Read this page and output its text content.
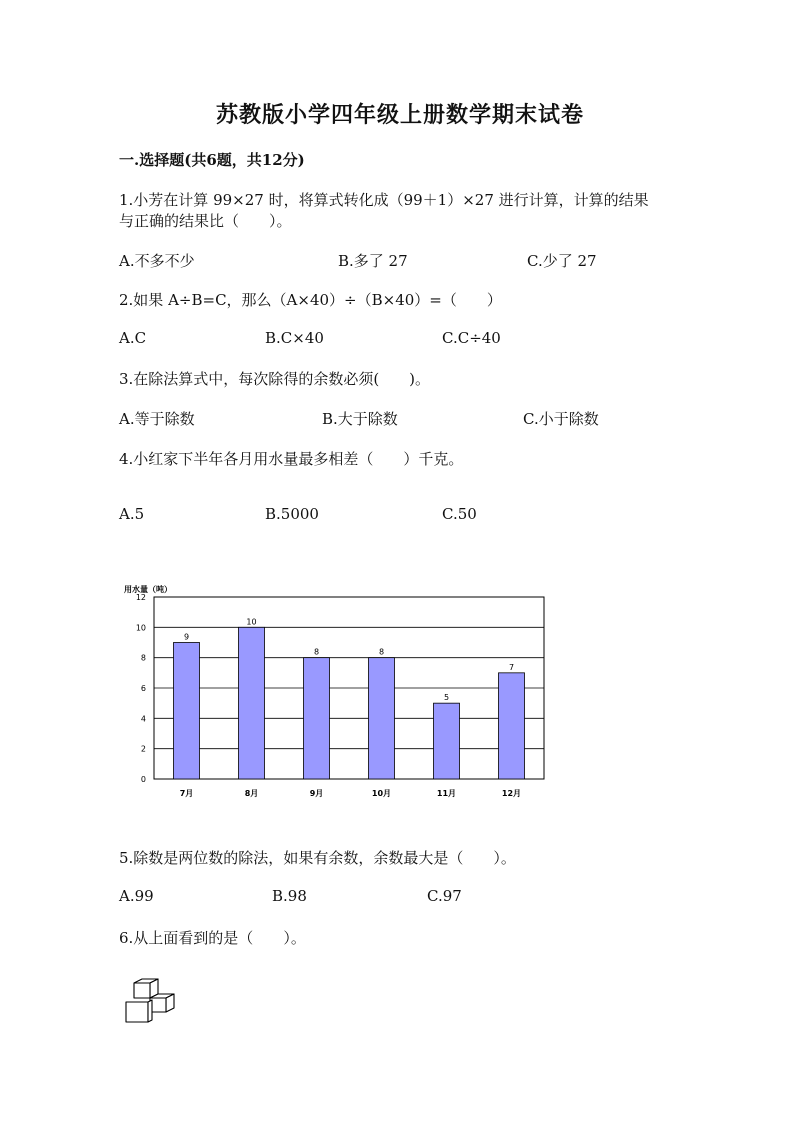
苏教版小学四年级上册数学期末试卷
一.选择题(共6题，共12分)
1.小芳在计算 99×27 时，将算式转化成（99＋1）×27 进行计算，计算的结果
与正确的结果比（　　）。
A.不多不少	B.多了 27	C.少了 27
2.如果 A÷B=C，那么（A×40）÷（B×40）=（　　）
A.C	B.C×40	C.C÷40
3.在除法算式中，每次除得的余数必须(　　)。
A.等于除数	B.大于除数	C.小于除数
4.小红家下半年各月用水量最多相差（　　）千克。
A.5	B.5000	C.50
用水量（吨）
0
2
4
6
8
10
12
9
10
8	8
5
7
7月	8月	9月	10月	11月	12月
5.除数是两位数的除法，如果有余数，余数最大是（　　）。
A.99	B.98	C.97
6.从上面看到的是（　　）。
